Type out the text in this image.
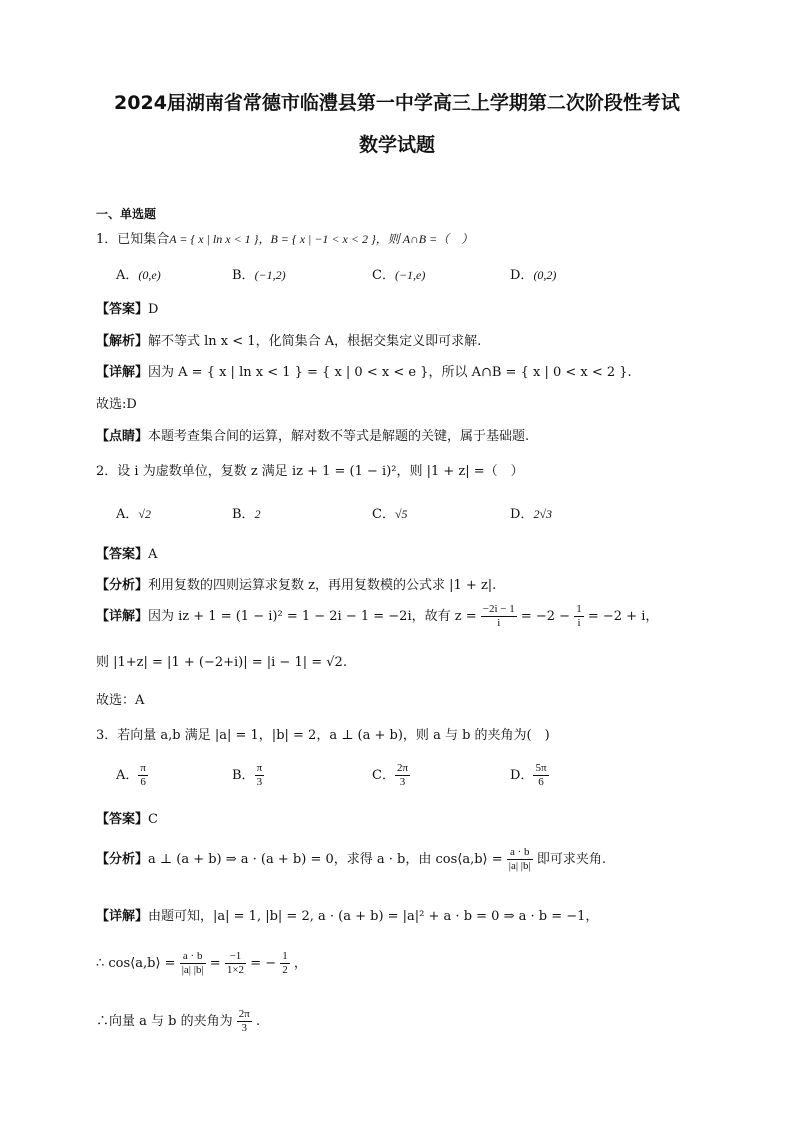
2024届湖南省常德市临澧县第一中学高三上学期第二次阶段性考试
数学试题
一、单选题
1．已知集合A = { x | ln x < 1 }，B = { x | −1 < x < 2 }，则 A∩B =（　）
A．(0,e)	B．(−1,2)	C．(−1,e)	D．(0,2)
【答案】D
【解析】解不等式 ln x < 1，化简集合 A，根据交集定义即可求解.
【详解】因为 A = { x | ln x < 1 } = { x | 0 < x < e }，所以 A∩B = { x | 0 < x < 2 }.
故选:D
【点睛】本题考查集合间的运算，解对数不等式是解题的关键，属于基础题.
2．设 i 为虚数单位，复数 z 满足 iz + 1 = (1 − i)²，则 |1 + z| =（　）
A．√2	B．2	C．√5	D．2√3
【答案】A
【分析】利用复数的四则运算求复数 z，再用复数模的公式求 |1 + z|.
【详解】因为 iz + 1 = (1 − i)² = 1 − 2i − 1 = −2i，故有 $z = \frac{-2i - 1}{i} = -2 - \frac{1}{i} = -2 + i$，
则 |1+z| = |1 + (−2+i)| = |i − 1| = √2.
故选：A
3．若向量 a,b 满足 |a| = 1，|b| = 2，a ⊥ (a + b)，则 a 与 b 的夹角为(　)
A． $\frac{\pi}{6}$	B． $\frac{\pi}{3}$	C． $\frac{2\pi}{3}$	D． $\frac{5\pi}{6}$
【答案】C
【分析】a ⊥ (a + b) ⇒ a · (a + b) = 0，求得 a · b，由 cos⟨a,b⟩ = $\frac{a \cdot b}{|a| |b|}$ 即可求夹角.
【详解】由题可知，|a| = 1, |b| = 2, a · (a + b) = |a|² + a · b = 0 ⇒ a · b = −1，
∴ cos⟨a,b⟩ = $\frac{a \cdot b}{|a| |b|} = \frac{-1}{1\times 2}$ = − $\frac{1}{2}$ ，
∴向量 a 与 b 的夹角为 $\frac{2\pi}{3}$ .
